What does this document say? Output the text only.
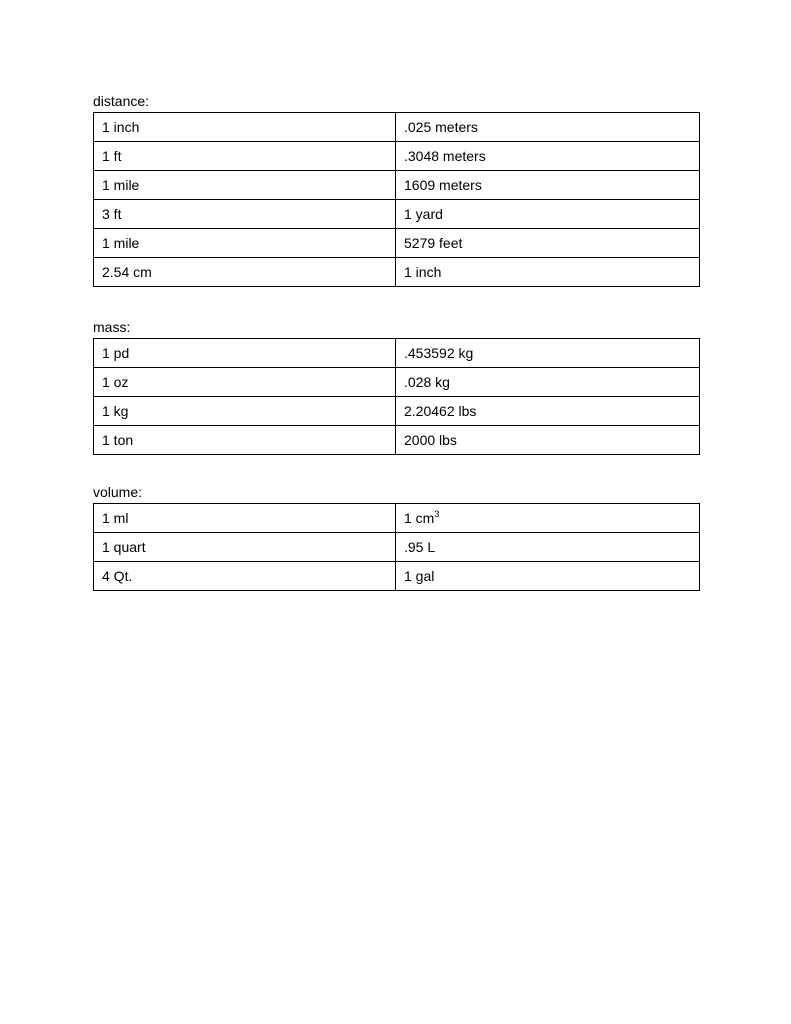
distance:
1 inch	.025 meters
1 ft	.3048 meters
1 mile	1609 meters
3 ft	1 yard
1 mile	5279 feet
2.54 cm	1 inch
mass:
1 pd	.453592 kg
1 oz	.028 kg
1 kg	2.20462 lbs
1 ton	2000 lbs
volume:
1 ml	1 $cm^3$
1 quart	.95 L
4 Qt.	1 gal
